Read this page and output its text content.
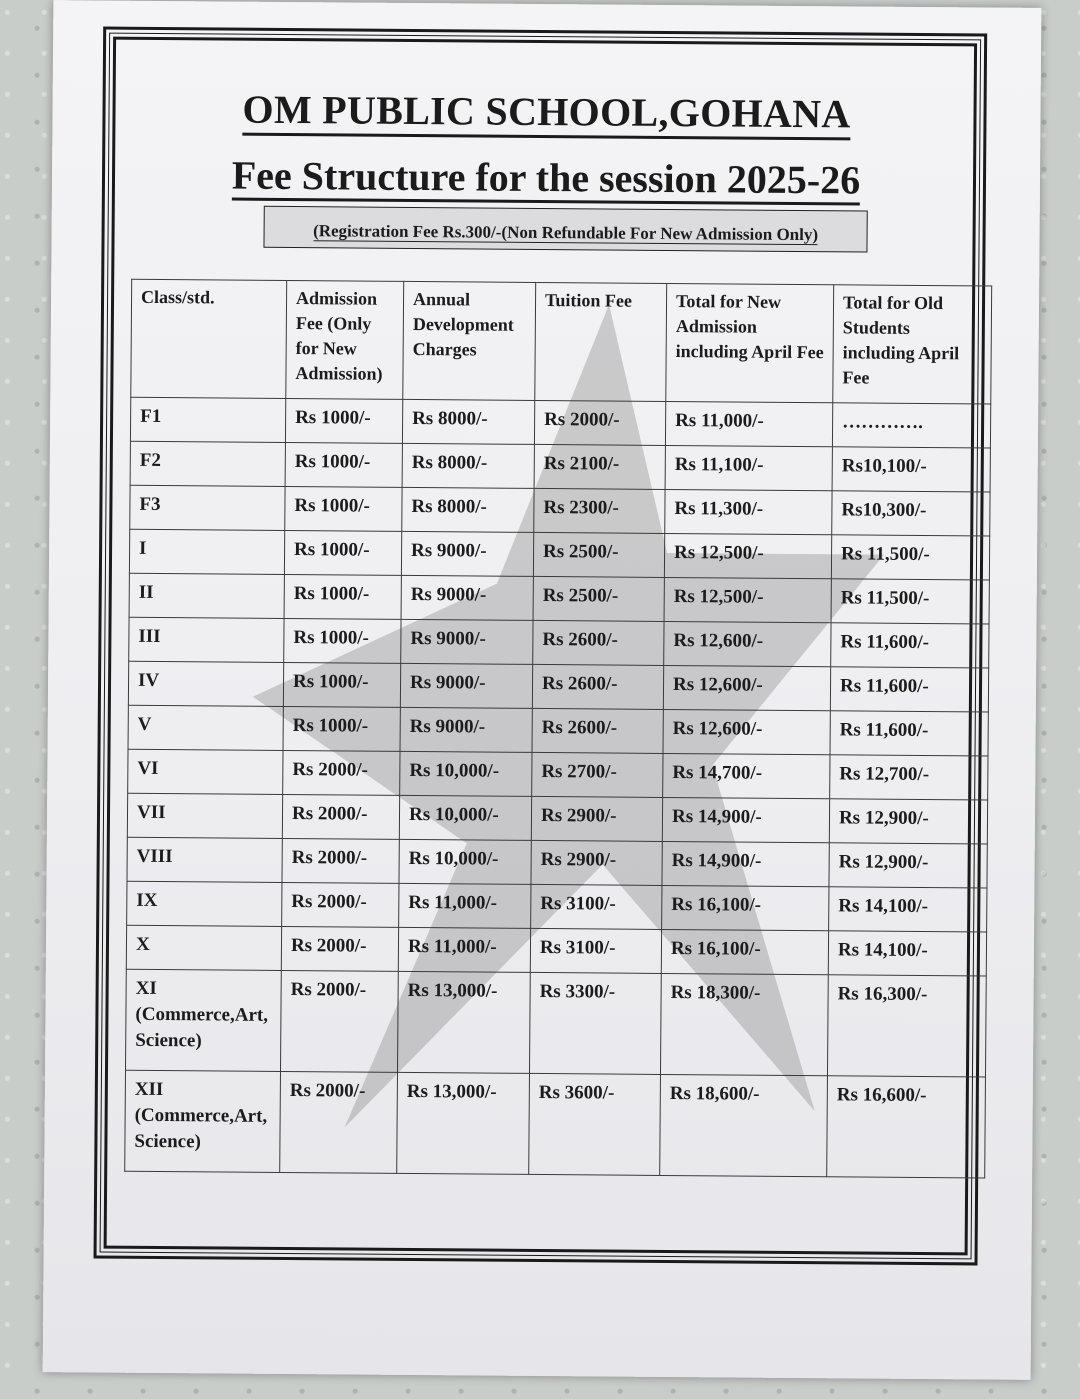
OM PUBLIC SCHOOL,GOHANA
Fee Structure for the session 2025-26
(Registration Fee Rs.300/-(Non Refundable For New Admission Only)
Class/std.	Admission Fee (Only for New Admission)	Annual Development Charges	Tuition Fee	Total for New Admission including April Fee	Total for Old Students including April Fee
F1	Rs 1000/-	Rs 8000/-	Rs 2000/-	Rs 11,000/-	………….
F2	Rs 1000/-	Rs 8000/-	Rs 2100/-	Rs 11,100/-	Rs10,100/-
F3	Rs 1000/-	Rs 8000/-	Rs 2300/-	Rs 11,300/-	Rs10,300/-
I	Rs 1000/-	Rs 9000/-	Rs 2500/-	Rs 12,500/-	Rs 11,500/-
II	Rs 1000/-	Rs 9000/-	Rs 2500/-	Rs 12,500/-	Rs 11,500/-
III	Rs 1000/-	Rs 9000/-	Rs 2600/-	Rs 12,600/-	Rs 11,600/-
IV	Rs 1000/-	Rs 9000/-	Rs 2600/-	Rs 12,600/-	Rs 11,600/-
V	Rs 1000/-	Rs 9000/-	Rs 2600/-	Rs 12,600/-	Rs 11,600/-
VI	Rs 2000/-	Rs 10,000/-	Rs 2700/-	Rs 14,700/-	Rs 12,700/-
VII	Rs 2000/-	Rs 10,000/-	Rs 2900/-	Rs 14,900/-	Rs 12,900/-
VIII	Rs 2000/-	Rs 10,000/-	Rs 2900/-	Rs 14,900/-	Rs 12,900/-
IX	Rs 2000/-	Rs 11,000/-	Rs 3100/-	Rs 16,100/-	Rs 14,100/-
X	Rs 2000/-	Rs 11,000/-	Rs 3100/-	Rs 16,100/-	Rs 14,100/-
XI (Commerce,Art, Science)	Rs 2000/-	Rs 13,000/-	Rs 3300/-	Rs 18,300/-	Rs 16,300/-
XII (Commerce,Art, Science)	Rs 2000/-	Rs 13,000/-	Rs 3600/-	Rs 18,600/-	Rs 16,600/-
